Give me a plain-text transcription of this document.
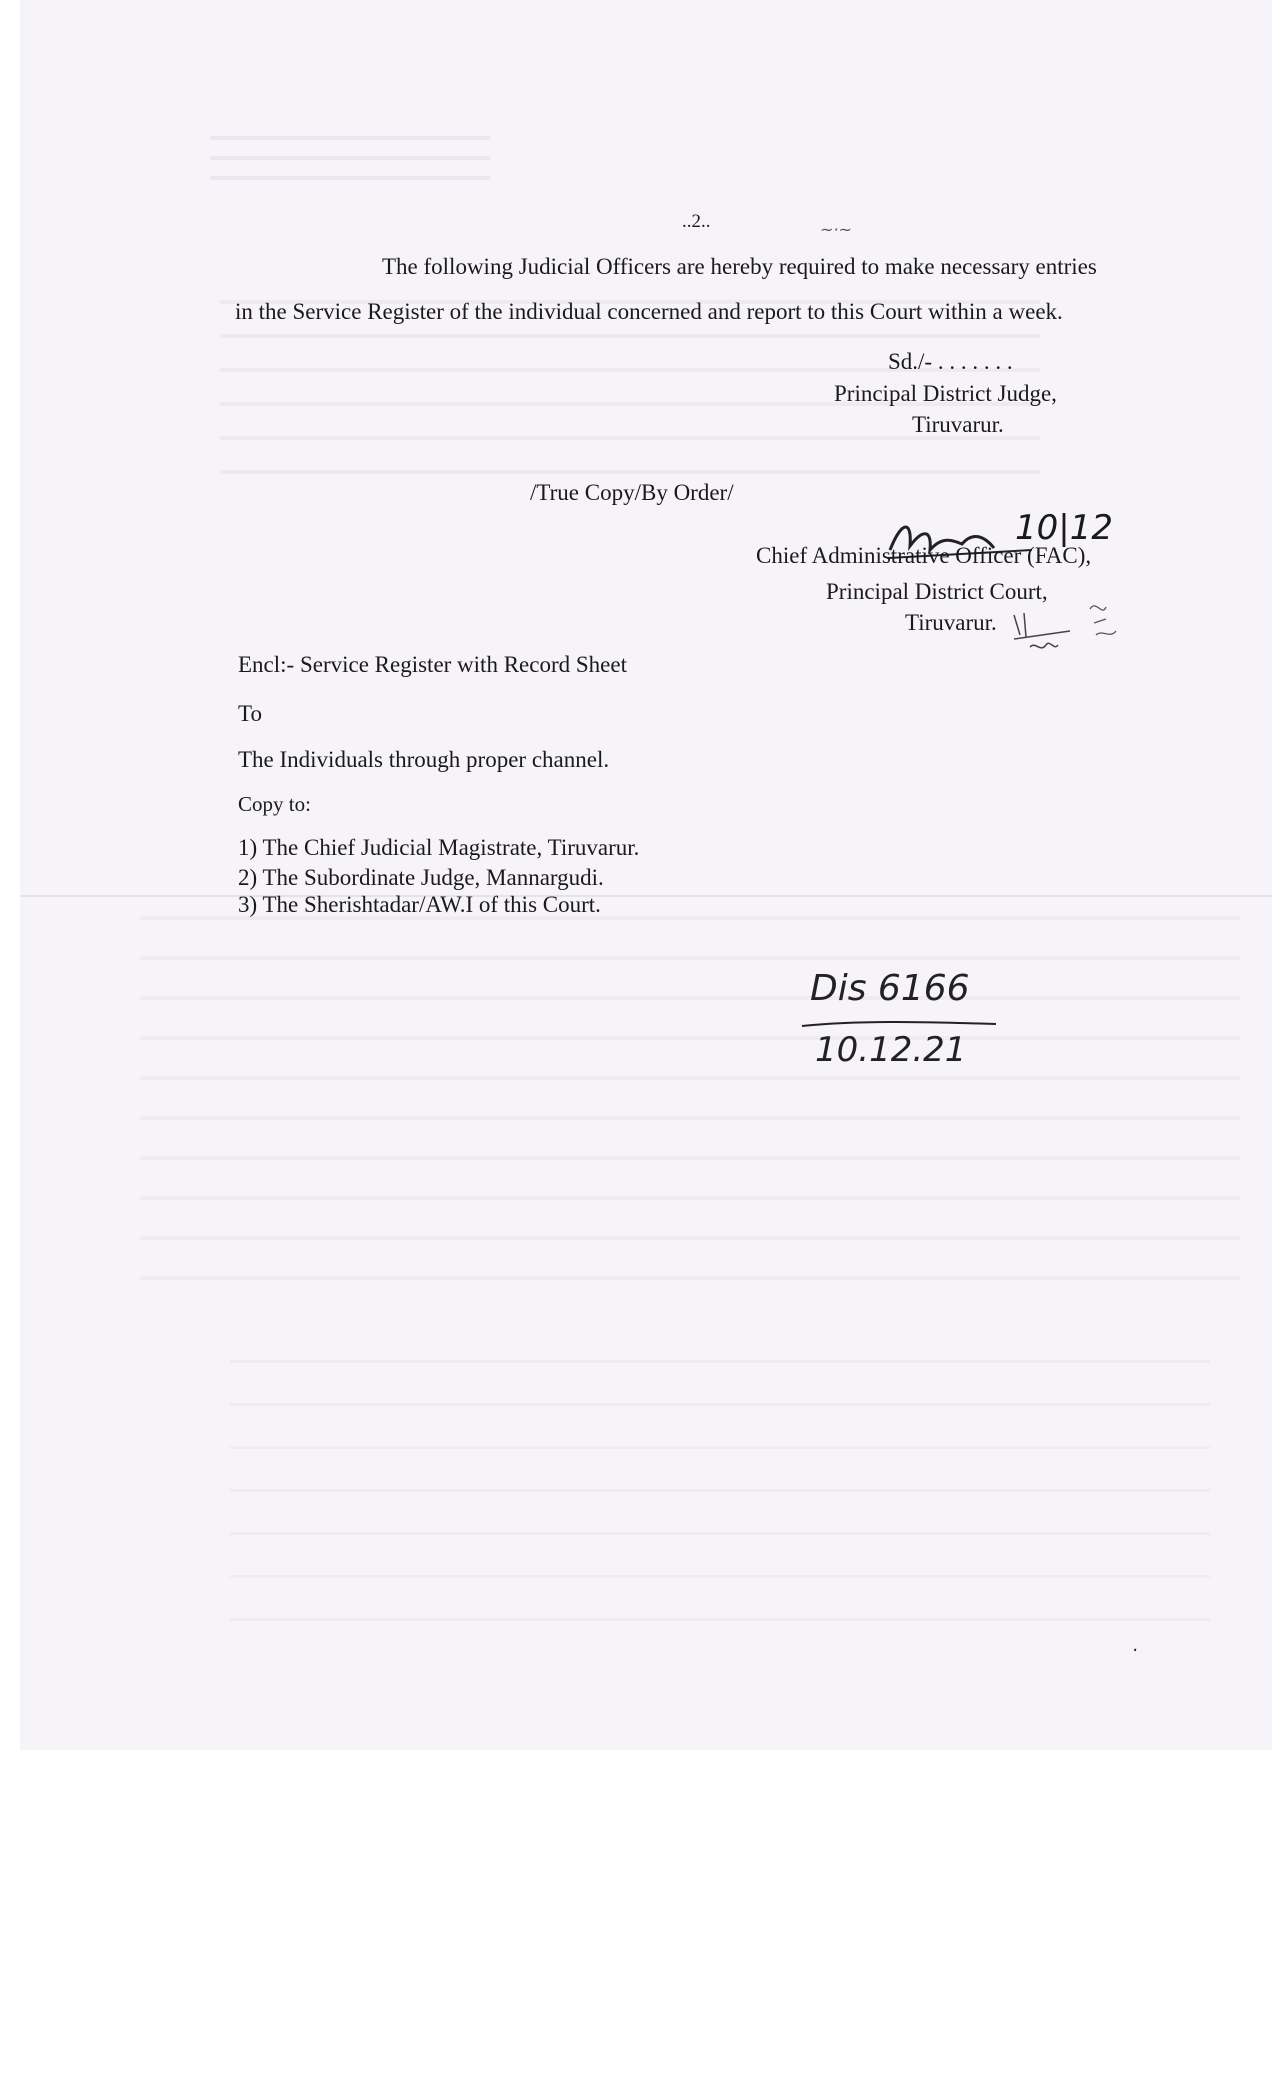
..2..	~·~
The following Judicial Officers are hereby required to make necessary entries
in the Service Register of the individual concerned and report to this Court within a week.
Sd./- . . . . . . .
Principal District Judge,
Tiruvarur.
/True Copy/By Order/
10|12
Chief Administrative Officer (FAC),
Principal District Court,
Tiruvarur.
Encl:- Service Register with Record Sheet
To
The Individuals through proper channel.
Copy to:
1) The Chief Judicial Magistrate, Tiruvarur.
2) The Subordinate Judge, Mannargudi.
3) The Sherishtadar/AW.I of this Court.
Dis 6166
10.12.21
·
